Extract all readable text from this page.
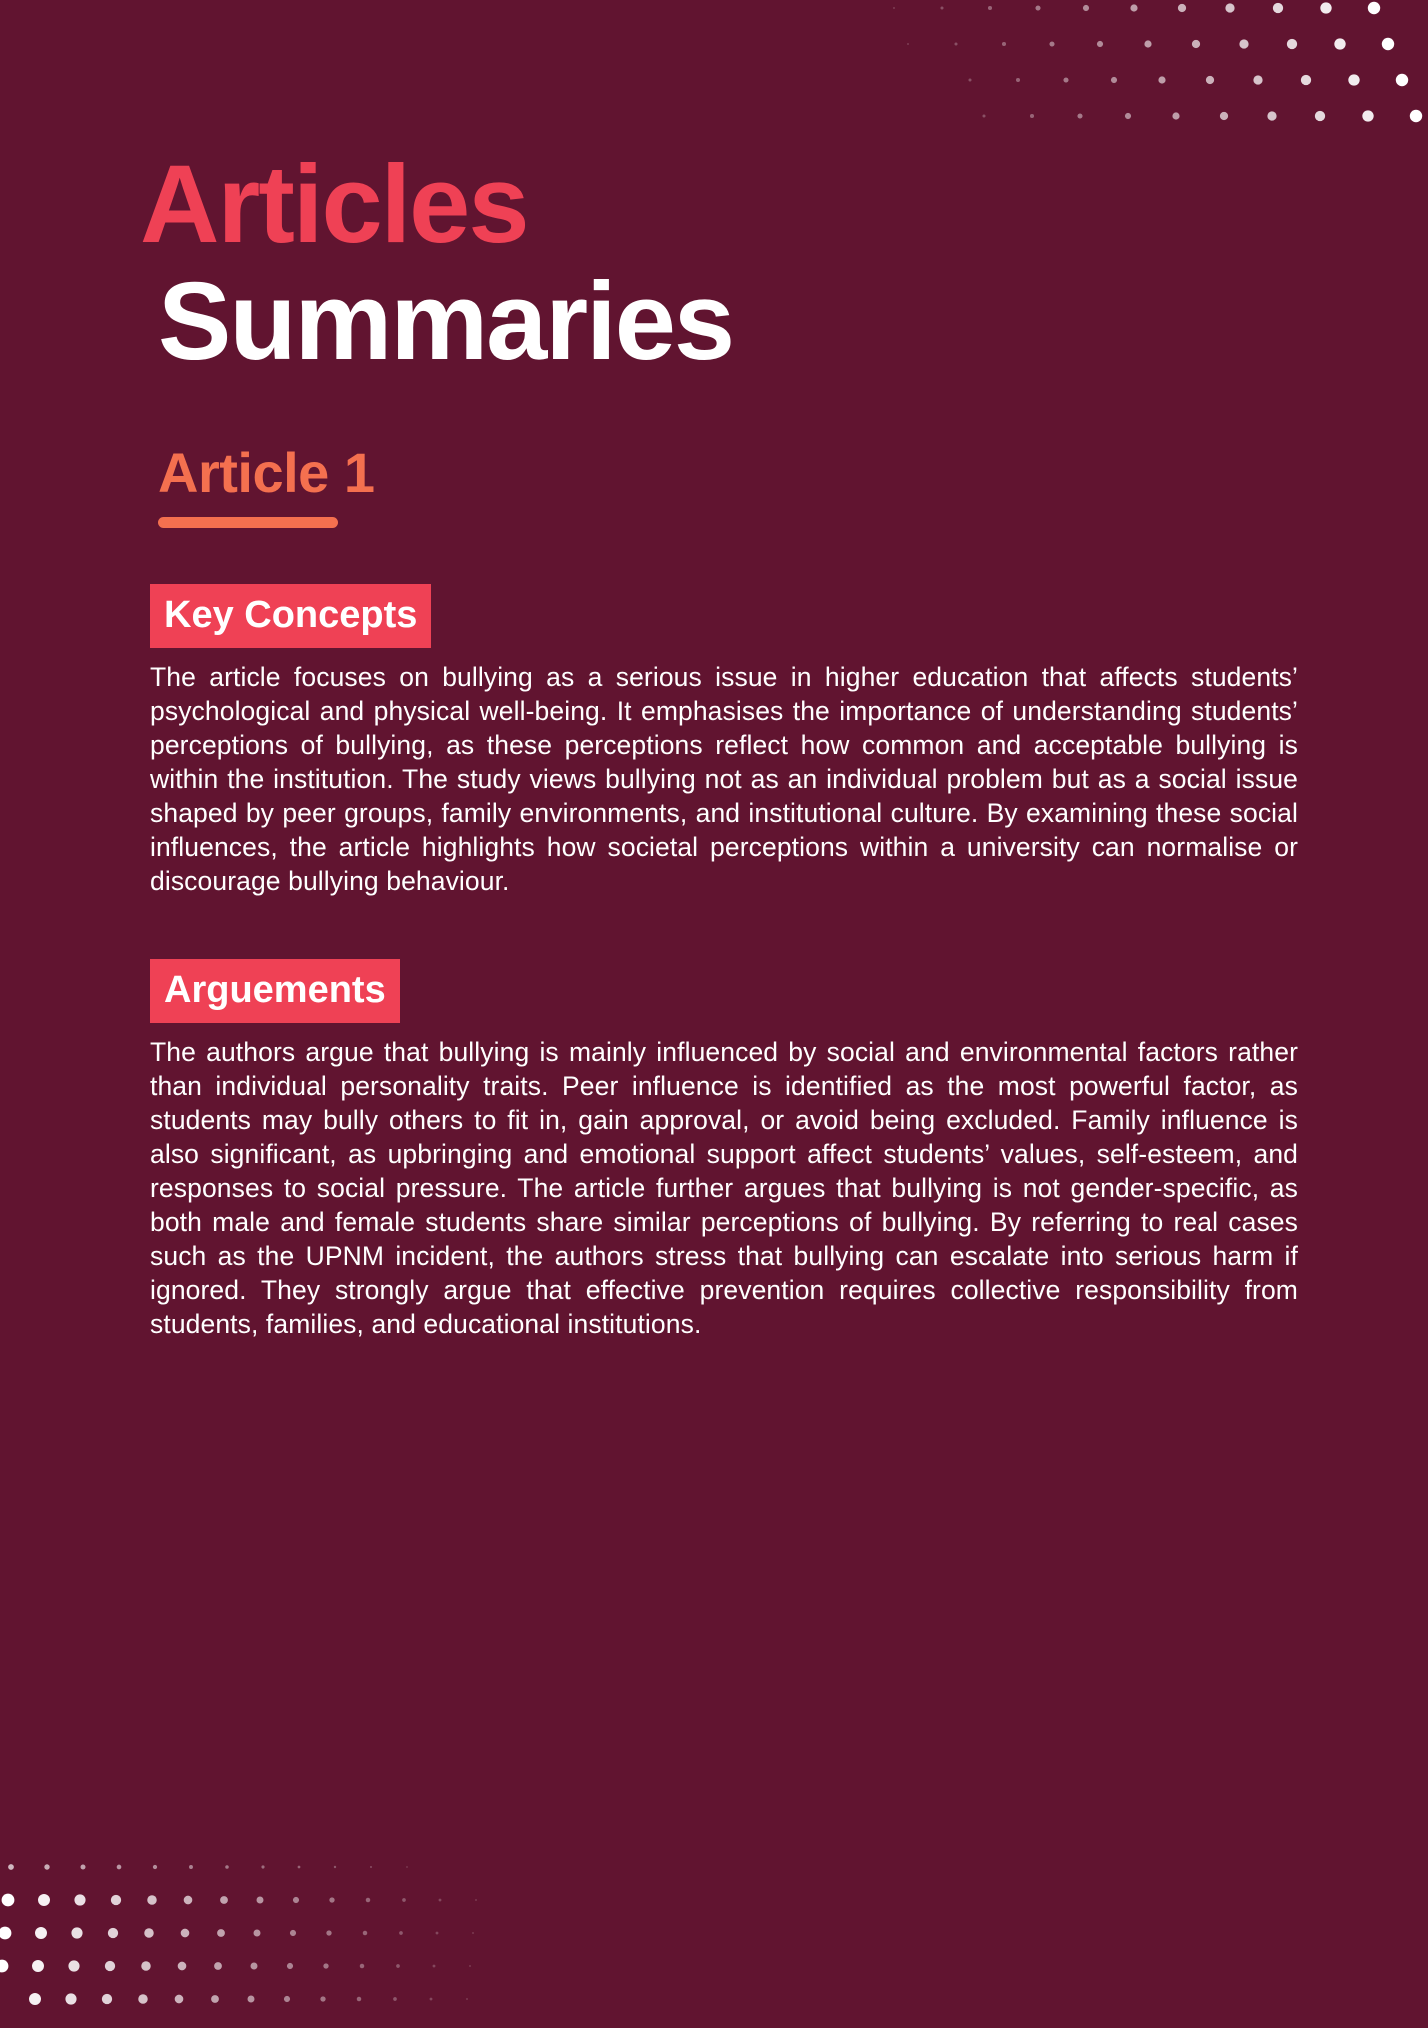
Articles
Summaries
Article 1
Key Concepts

The article focuses on bullying as a serious issue in higher education that affects students’ psychological and physical well-being. It emphasises the importance of understanding students’ perceptions of bullying, as these perceptions reflect how common and acceptable bullying is within the institution. The study views bullying not as an individual problem but as a social issue shaped by peer groups, family environments, and institutional culture. By examining these social influences, the article highlights how societal perceptions within a university can normalise or discourage bullying behaviour.

Arguements

The authors argue that bullying is mainly influenced by social and environmental factors rather than individual personality traits. Peer influence is identified as the most powerful factor, as students may bully others to fit in, gain approval, or avoid being excluded. Family influence is also significant, as upbringing and emotional support affect students’ values, self-esteem, and responses to social pressure. The article further argues that bullying is not gender-specific, as both male and female students share similar perceptions of bullying. By referring to real cases such as the UPNM incident, the authors stress that bullying can escalate into serious harm if ignored. They strongly argue that effective prevention requires collective responsibility from students, families, and educational institutions.
